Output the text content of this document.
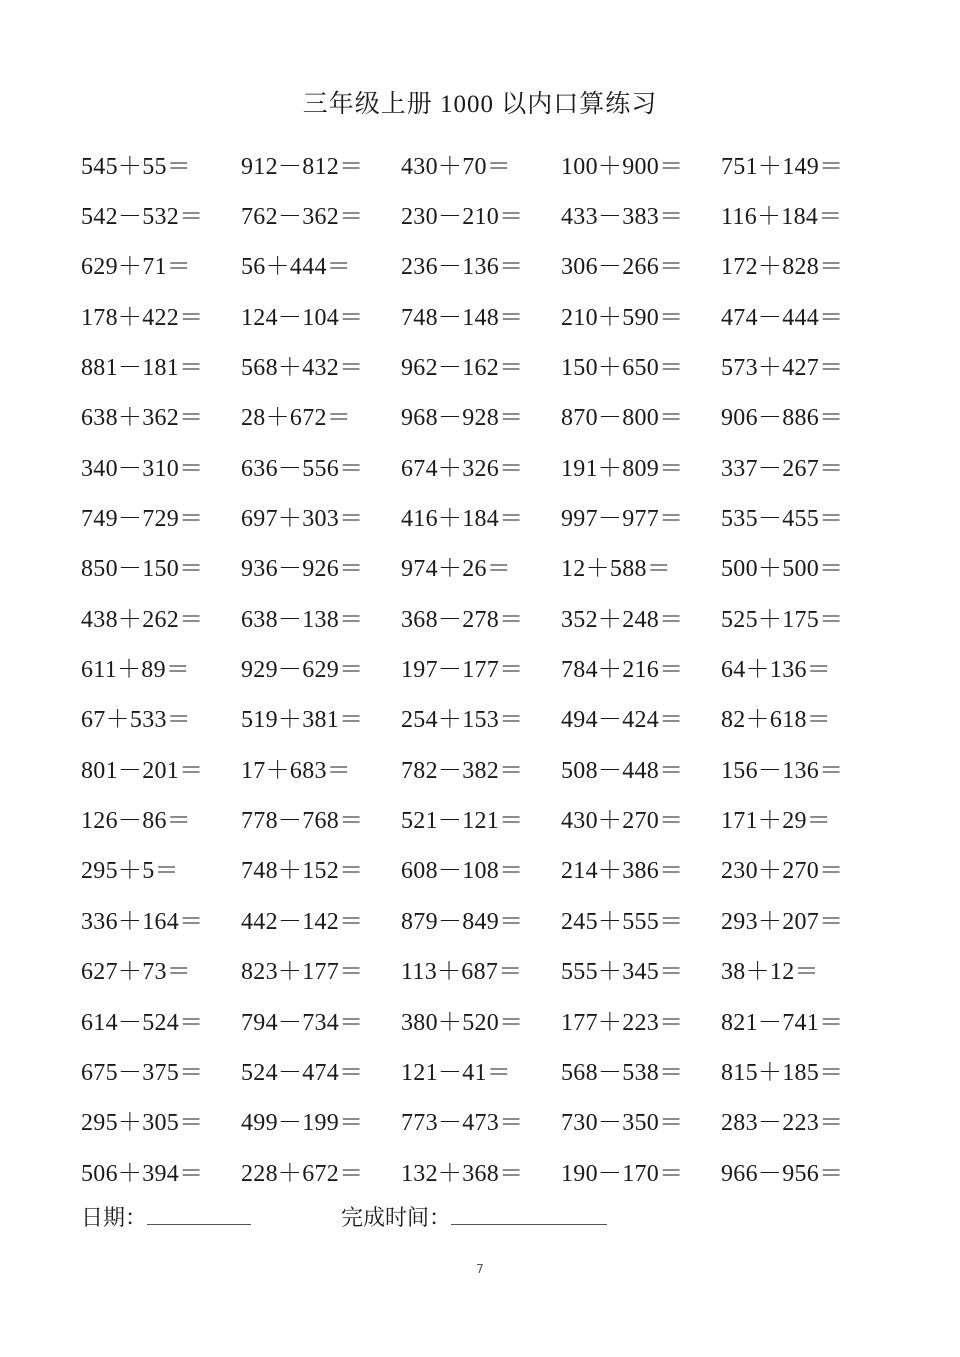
三年级上册 1000 以内口算练习
545＋55＝	912－812＝	430＋70＝	100＋900＝	751＋149＝
542－532＝	762－362＝	230－210＝	433－383＝	116＋184＝
629＋71＝	56＋444＝	236－136＝	306－266＝	172＋828＝
178＋422＝	124－104＝	748－148＝	210＋590＝	474－444＝
881－181＝	568＋432＝	962－162＝	150＋650＝	573＋427＝
638＋362＝	28＋672＝	968－928＝	870－800＝	906－886＝
340－310＝	636－556＝	674＋326＝	191＋809＝	337－267＝
749－729＝	697＋303＝	416＋184＝	997－977＝	535－455＝
850－150＝	936－926＝	974＋26＝	12＋588＝	500＋500＝
438＋262＝	638－138＝	368－278＝	352＋248＝	525＋175＝
611＋89＝	929－629＝	197－177＝	784＋216＝	64＋136＝
67＋533＝	519＋381＝	254＋153＝	494－424＝	82＋618＝
801－201＝	17＋683＝	782－382＝	508－448＝	156－136＝
126－86＝	778－768＝	521－121＝	430＋270＝	171＋29＝
295＋5＝	748＋152＝	608－108＝	214＋386＝	230＋270＝
336＋164＝	442－142＝	879－849＝	245＋555＝	293＋207＝
627＋73＝	823＋177＝	113＋687＝	555＋345＝	38＋12＝
614－524＝	794－734＝	380＋520＝	177＋223＝	821－741＝
675－375＝	524－474＝	121－41＝	568－538＝	815＋185＝
295＋305＝	499－199＝	773－473＝	730－350＝	283－223＝
506＋394＝	228＋672＝	132＋368＝	190－170＝	966－956＝
日期：	完成时间：
7
